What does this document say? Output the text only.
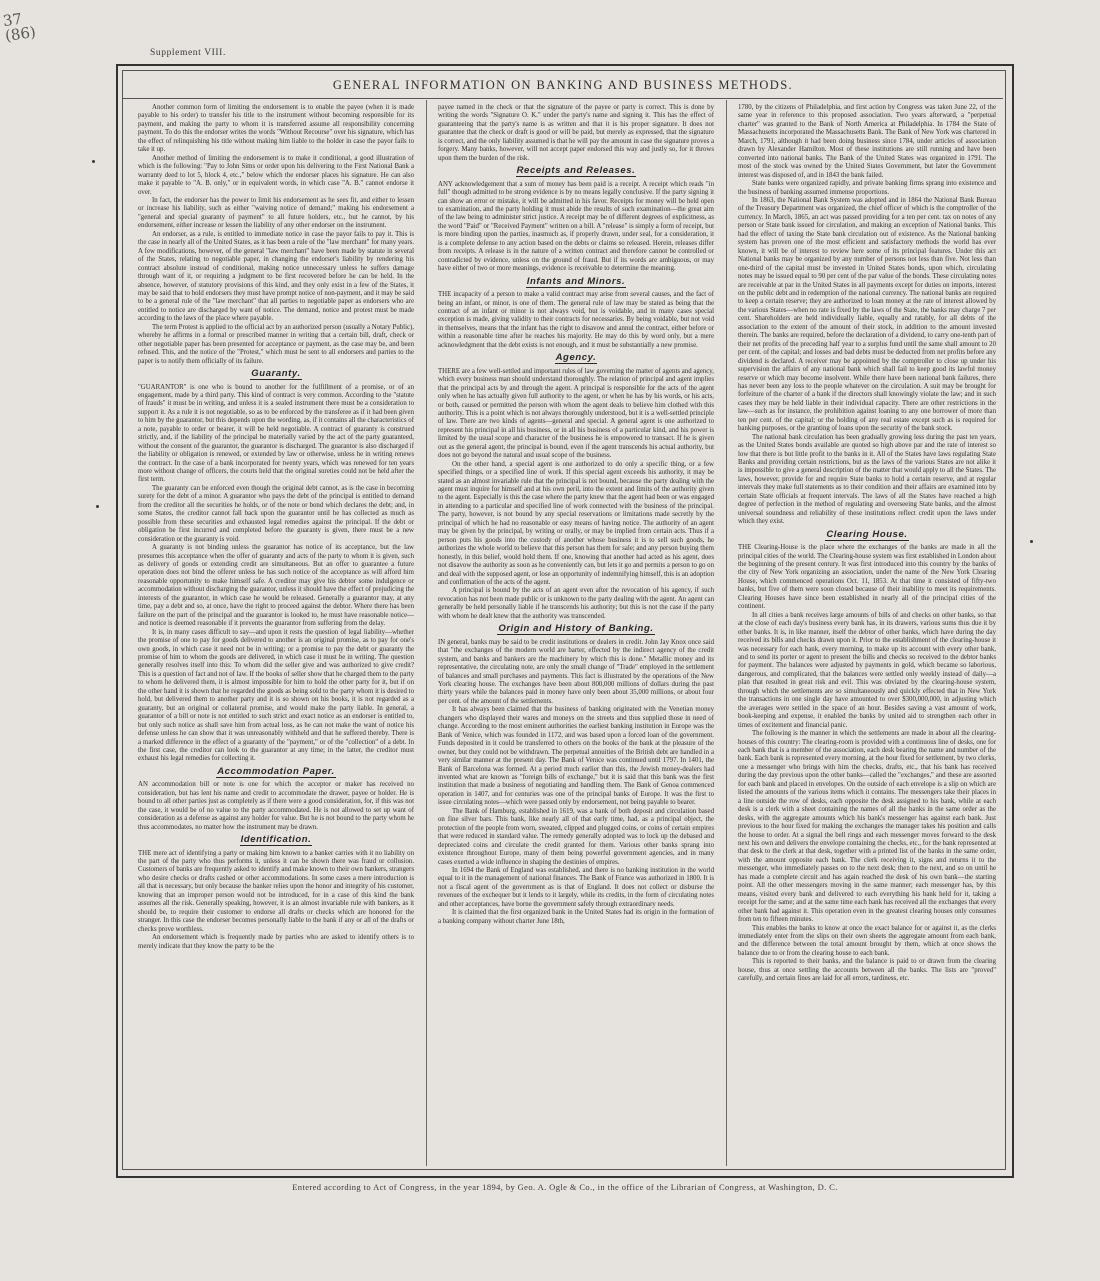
37
(86)
Supplement VIII.
GENERAL INFORMATION ON BANKING AND BUSINESS METHODS.

Another common form of limiting the endorsement is to enable the payee (when it is made payable to his order) to transfer his title to the instrument without becoming responsible for its payment, and making the party to whom it is transferred assume all responsibility concerning payment. To do this the endorser writes the words "Without Recourse" over his signature, which has the effect of relinquishing his title without making him liable to the holder in case the payor fails to take it up.

Another method of limiting the endorsement is to make it conditional, a good illustration of which is the following: "Pay to John Sims or order upon his delivering to the First National Bank a warranty deed to lot 5, block 4, etc.," below which the endorser places his signature. He can also make it payable to "A. B. only," or in equivalent words, in which case "A. B." cannot endorse it over.

In fact, the endorser has the power to limit his endorsement as he sees fit, and either to lessen or increase his liability, such as either "waiving notice of demand;" making his endorsement a "general and special guaranty of payment" to all future holders, etc., but he cannot, by his endorsement, either increase or lessen the liability of any other endorser on the instrument.

An endorser, as a rule, is entitled to immediate notice in case the payor fails to pay it. This is the case in nearly all of the United States, as it has been a rule of the "law merchant" for many years. A few modifications, however, of the general "law merchant" have been made by statute in several of the States, relating to negotiable paper, in changing the endorser's liability by rendering his contract absolute instead of conditional, making notice unnecessary unless he suffers damage through want of it, or requiring a judgment to be first recovered before he can be held. In the absence, however, of statutory provisions of this kind, and they only exist in a few of the States, it may be said that to hold endorsers they must have prompt notice of non-payment, and it may be said to be a general rule of the "law merchant" that all parties to negotiable paper as endorsers who are entitled to notice are discharged by want of notice. The demand, notice and protest must be made according to the laws of the place where payable.

The term Protest is applied to the official act by an authorized person (usually a Notary Public), whereby he affirms in a formal or prescribed manner in writing that a certain bill, draft, check or other negotiable paper has been presented for acceptance or payment, as the case may be, and been refused. This, and the notice of the "Protest," which must be sent to all endorsers and parties to the paper is to notify them officially of its failure.

Guaranty.

"GUARANTOR" is one who is bound to another for the fulfillment of a promise, or of an engagement, made by a third party. This kind of contract is very common. According to the "statute of frauds" it must be in writing, and unless it is a sealed instrument there must be a consideration to support it. As a rule it is not negotiable, so as to be enforced by the transferee as if it had been given to him by the guarantor, but this depends upon the wording, as, if it contains all the characteristics of a note, payable to order or bearer, it will be held negotiable. A contract of guaranty is construed strictly, and, if the liability of the principal be materially varied by the act of the party guaranteed, without the consent of the guarantor, the guarantor is discharged. The guarantor is also discharged if the liability or obligation is renewed, or extended by law or otherwise, unless he in writing renews the contract. In the case of a bank incorporated for twenty years, which was renewed for ten years more without change of officers, the courts held that the original sureties could not be held after the first term.

The guaranty can be enforced even though the original debt cannot, as is the case in becoming surety for the debt of a minor. A guarantor who pays the debt of the principal is entitled to demand from the creditor all the securities he holds, or of the note or bond which declares the debt; and, in some States, the creditor cannot fall back upon the guarantor until he has collected as much as possible from these securities and exhausted legal remedies against the principal. If the debt or obligation be first incurred and completed before the guaranty is given, there must be a new consideration or the guaranty is void.

A guaranty is not binding unless the guarantor has notice of its acceptance, but the law presumes this acceptance when the offer of guaranty and acts of the party to whom it is given, such as delivery of goods or extending credit are simultaneous. But an offer to guarantee a future operation does not bind the offerer unless he has such notice of the acceptance as will afford him reasonable opportunity to make himself safe. A creditor may give his debtor some indulgence or accommodation without discharging the guarantor, unless it should have the effect of prejudicing the interests of the guarantor, in which case he would be released. Generally a guarantor may, at any time, pay a debt and so, at once, have the right to proceed against the debtor. Where there has been failure on the part of the principal and the guarantor is looked to, he must have reasonable notice—and notice is deemed reasonable if it prevents the guarantor from suffering from the delay.

It is, in many cases difficult to say—and upon it rests the question of legal liability—whether the promise of one to pay for goods delivered to another is an original promise, as to pay for one's own goods, in which case it need not be in writing; or a promise to pay the debt or guaranty the promise of him to whom the goods are delivered, in which case it must be in writing. The question generally resolves itself into this: To whom did the seller give and was authorized to give credit? This is a question of fact and not of law. If the books of seller show that he charged them to the party to whom he delivered them, it is almost impossible for him to hold the other party for it, but if on the other hand it is shown that he regarded the goods as being sold to the party whom it is desired to hold, but delivered them to another party and it is so shown on his books, it is not regarded as a guaranty, but an original or collateral promise, and would make the party liable. In general, a guarantor of a bill or note is not entitled to such strict and exact notice as an endorser is entitled to, but only such notice as shall save him from actual loss, as he can not make the want of notice his defense unless he can show that it was unreasonably withheld and that he suffered thereby. There is a marked difference in the effect of a guaranty of the "payment," or of the "collection" of a debt. In the first case, the creditor can look to the guarantor at any time; in the latter, the creditor must exhaust his legal remedies for collecting it.

Accommodation Paper.

AN accommodation bill or note is one for which the acceptor or maker has received no consideration, but has lent his name and credit to accommodate the drawer, payee or holder. He is bound to all other parties just as completely as if there were a good consideration, for, if this was not the case, it would be of no value to the party accommodated. He is not allowed to set up want of consideration as a defense as against any holder for value. But he is not bound to the party whom he thus accommodates, no matter how the instrument may be drawn.

Identification.

THE mere act of identifying a party or making him known to a banker carries with it no liability on the part of the party who thus performs it, unless it can be shown there was fraud or collusion. Customers of banks are frequently asked to identify and make known to their own bankers, strangers who desire checks or drafts cashed or other accommodations. In some cases a mere introduction is all that is necessary, but only because the banker relies upon the honor and integrity of his customer, knowing that an improper person would not be introduced, for in a case of this kind the bank assumes all the risk. Generally speaking, however, it is an almost invariable rule with bankers, as it should be, to require their customer to endorse all drafts or checks which are honored for the stranger. In this case the endorser becomes personally liable to the bank if any or all of the drafts or checks prove worthless.

An endorsement which is frequently made by parties who are asked to identify others is to merely indicate that they know the party to be the

payee named in the check or that the signature of the payee or party is correct. This is done by writing the words "Signature O. K." under the party's name and signing it. This has the effect of guaranteeing that the party's name is as written and that it is his proper signature. It does not guarantee that the check or draft is good or will be paid, but merely as expressed, that the signature is correct, and the only liability assumed is that he will pay the amount in case the signature proves a forgery. Many banks, however, will not accept paper endorsed this way and justly so, for it throws upon them the burden of the risk.

Receipts and Releases.

ANY acknowledgement that a sum of money has been paid is a receipt. A receipt which reads "in full" though admitted to be strong evidence is by no means legally conclusive. If the party signing it can show an error or mistake, it will be admitted in his favor. Receipts for money will be held open to examination, and the party holding it must abide the results of such examination—the great aim of the law being to administer strict justice. A receipt may be of different degrees of explicitness, as the word "Paid" or "Received Payment" written on a bill. A "release" is simply a form of receipt, but is more binding upon the parties, inasmuch as, if properly drawn, under seal, for a consideration, it is a complete defense to any action based on the debts or claims so released. Herein, releases differ from receipts. A release is in the nature of a written contract and therefore cannot be controlled or contradicted by evidence, unless on the ground of fraud. But if its words are ambiguous, or may have either of two or more meanings, evidence is receivable to determine the meaning.

Infants and Minors.

THE incapacity of a person to make a valid contract may arise from several causes, and the fact of being an infant, or minor, is one of them. The general rule of law may be stated as being that the contract of an infant or minor is not always void, but is voidable, and in many cases special exception is made, giving validity to their contracts for necessaries. By being voidable, but not void in themselves, means that the infant has the right to disavow and annul the contract, either before or within a reasonable time after he reaches his majority. He may do this by word only, but a mere acknowledgment that the debt exists is not enough, and it must be substantially a new promise.

Agency.

THERE are a few well-settled and important rules of law governing the matter of agents and agency, which every business man should understand thoroughly. The relation of principal and agent implies that the principal acts by and through the agent. A principal is responsible for the acts of the agent only when he has actually given full authority to the agent, or when he has by his words, or his acts, or both, caused or permitted the person with whom the agent deals to believe him clothed with this authority. This is a point which is not always thoroughly understood, but it is a well-settled principle of law. There are two kinds of agents—general and special. A general agent is one authorized to represent his principal in all his business, or in all his business of a particular kind, and his power is limited by the usual scope and character of the business he is empowered to transact. If he is given out as the general agent, the principal is bound, even if the agent transcends his actual authority, but does not go beyond the natural and usual scope of the business.

On the other hand, a special agent is one authorized to do only a specific thing, or a few specified things, or a specified line of work. If this special agent exceeds his authority, it may be stated as an almost invariable rule that the principal is not bound, because the party dealing with the agent must inquire for himself and at his own peril, into the extent and limits of the authority given to the agent. Especially is this the case where the party knew that the agent had been or was engaged in attending to a particular and specified line of work connected with the business of the principal. The party, however, is not bound by any special reservations or limitations made secretly by the principal of which he had no reasonable or easy means of having notice. The authority of an agent may be given by the principal, by writing or orally, or may be implied from certain acts. Thus if a person puts his goods into the custody of another whose business it is to sell such goods, he authorizes the whole world to believe that this person has them for sale; and any person buying them honestly, in this belief, would hold them. If one, knowing that another had acted as his agent, does not disavow the authority as soon as he conveniently can, but lets it go and permits a person to go on and deal with the supposed agent, or lose an opportunity of indemnifying himself, this is an adoption and confirmation of the acts of the agent.

A principal is bound by the acts of an agent even after the revocation of his agency, if such revocation has not been made public or is unknown to the party dealing with the agent. An agent can generally be held personally liable if he transcends his authority; but this is not the case if the party with whom he dealt knew that the authority was transcended.

Origin and History of Banking.

IN general, banks may be said to be credit institutions or dealers in credit. John Jay Knox once said that "the exchanges of the modern world are barter, effected by the indirect agency of the credit system, and banks and bankers are the machinery by which this is done." Metallic money and its representative, the circulating note, are only the small change of "Trade" employed in the settlement of balances and small purchases and payments. This fact is illustrated by the operations of the New York clearing house. The exchanges have been about 800,000 millions of dollars during the past thirty years while the balances paid in money have only been about 35,000 millions, or about four per cent. of the amount of the settlements.

It has always been claimed that the business of banking originated with the Venetian money changers who displayed their wares and moneys on the streets and thus supplied those in need of change. According to the most eminent authorities the earliest banking institution in Europe was the Bank of Venice, which was founded in 1172, and was based upon a forced loan of the government. Funds deposited in it could be transferred to others on the books of the bank at the pleasure of the owner, but they could not be withdrawn. The perpetual annuities of the British debt are handled in a very similar manner at the present day. The Bank of Venice was continued until 1797. In 1401, the Bank of Barcelona was formed. At a period much earlier than this, the Jewish money-dealers had invented what are known as "foreign bills of exchange," but it is said that this bank was the first institution that made a business of negotiating and handling them. The Bank of Genoa commenced operation in 1407, and for centuries was one of the principal banks of Europe. It was the first to issue circulating notes—which were passed only by endorsement, not being payable to bearer.

The Bank of Hamburg, established in 1619, was a bank of both deposit and circulation based on fine silver bars. This bank, like nearly all of that early time, had, as a principal object, the protection of the people from worn, sweated, clipped and plugged coins, or coins of certain empires that were reduced in standard value. The remedy generally adopted was to lock up the debased and depreciated coins and circulate the credit granted for them. Various other banks sprang into existence throughout Europe, many of them being powerful government agencies, and in many cases exerted a wide influence in shaping the destinies of empires.

In 1694 the Bank of England was established, and there is no banking institution in the world equal to it in the management of national finances. The Bank of France was authorized in 1800. It is not a fiscal agent of the government as is that of England. It does not collect or disburse the revenues of the exchequer but it lends to it largely, while its credits, in the form of circulating notes and other acceptances, have borne the government safely through extraordinary needs.

It is claimed that the first organized bank in the United States had its origin in the formation of a banking company without charter June 18th,

1780, by the citizens of Philadelphia, and first action by Congress was taken June 22, of the same year in reference to this proposed association. Two years afterward, a "perpetual charter" was granted to the Bank of North America at Philadelphia. In 1784 the State of Massachusetts incorporated the Massachusetts Bank. The Bank of New York was chartered in March, 1791, although it had been doing business since 1784, under articles of association drawn by Alexander Hamilton. Most of these institutions are still running and have been converted into national banks. The Bank of the United States was organized in 1791. The most of the stock was owned by the United States Government, but later the Government interest was disposed of, and in 1843 the bank failed.

State banks were organized rapidly, and private banking firms sprang into existence and the business of banking assumed immense proportions.

In 1863, the National Bank System was adopted and in 1864 the National Bank Bureau of the Treasury Department was organized, the chief officer of which is the comptroller of the currency. In March, 1865, an act was passed providing for a ten per cent. tax on notes of any person or State bank issued for circulation, and making an exception of National banks. This had the effect of taxing the State bank circulation out of existence. As the National banking system has proven one of the most efficient and satisfactory methods the world has ever known, it will be of interest to review here some of its principal features. Under this act National banks may be organized by any number of persons not less than five. Not less than one-third of the capital must be invested in United States bonds, upon which, circulating notes may be issued equal to 90 per cent of the par value of the bonds. These circulating notes are receivable at par in the United States in all payments except for duties on imports, interest on the public debt and in redemption of the national currency. The national banks are required to keep a certain reserve; they are authorized to loan money at the rate of interest allowed by the various States—when no rate is fixed by the laws of the State, the banks may charge 7 per cent. Shareholders are held individually liable, equally and ratably, for all debts of the association to the extent of the amount of their stock, in addition to the amount invested therein. The banks are required, before the declaration of a dividend, to carry one-tenth part of their net profits of the preceding half year to a surplus fund until the same shall amount to 20 per cent. of the capital; and losses and bad debts must be deducted from net profits before any dividend is declared. A receiver may be appointed by the comptroller to close up under his supervision the affairs of any national bank which shall fail to keep good its lawful money reserve or which may become insolvent. While there have been national bank failures, there has never been any loss to the people whatever on the circulation. A suit may be brought for forfeiture of the charter of a bank if the directors shall knowingly violate the law; and in such cases they may be held liable in their individual capacity. There are other restrictions in the law—such as for instance, the prohibition against loaning to any one borrower of more than ten per cent. of the capital; or the holding of any real estate except such as is required for banking purposes, or the granting of loans upon the security of the bank stock.

The national bank circulation has been gradually growing less during the past ten years, as the United States bonds available are quoted so high above par and the rate of interest so low that there is but little profit to the banks in it. All of the States have laws regulating State Banks and providing certain restrictions, but as the laws of the various States are not alike it is impossible to give a general description of the matter that would apply to all the States. The laws, however, provide for and require State banks to hold a certain reserve, and at regular intervals they make full statements as to their condition and their affairs are examined into by certain State officials at frequent intervals. The laws of all the States have reached a high degree of perfection in the method of regulating and overseeing State banks, and the almost universal soundness and reliability of these institutions reflect credit upon the laws under which they exist.

Clearing House.

THE Clearing-House is the place where the exchanges of the banks are made in all the principal cities of the world. The Clearing-house system was first established in London about the beginning of the present century. It was first introduced into this country by the banks of the city of New York organizing an association, under the name of the New York Clearing House, which commenced operations Oct. 11, 1853. At that time it consisted of fifty-two banks, but five of them were soon closed because of their inability to meet its requirements. Clearing Houses have since been established in nearly all of the principal cities of the continent.

In all cities a bank receives large amounts of bills of and checks on other banks, so that at the close of each day's business every bank has, in its drawers, various sums thus due it by other banks. It is, in like manner, itself the debtor of other banks, which have during the day received its bills and checks drawn upon it. Prior to the establishment of the clearing-house it was necessary for each bank, every morning, to make up its account with every other bank, and to send its porter or agent to present the bills and checks so received to the debtor banks for payment. The balances were adjusted by payments in gold, which became so laborious, dangerous, and complicated, that the balances were settled only weekly instead of daily—a plan that resulted in great risk and evil. This was obviated by the clearing-house system, through which the settlements are so simultaneously and quickly effected that in New York the transactions in one single day have amounted to over $300,000,000, in adjusting which the averages were settled in the space of an hour. Besides saving a vast amount of work, book-keeping and expense, it enabled the banks by united aid to strengthen each other in times of excitement and financial panic.

The following is the manner in which the settlements are made in about all the clearing-houses of this country: The clearing-room is provided with a continuous line of desks, one for each bank that is a member of the association, each desk bearing the name and number of the bank. Each bank is represented every morning, at the hour fixed for settlement, by two clerks, one a messenger who brings with him the checks, drafts, etc., that his bank has received during the day previous upon the other banks—called the "exchanges," and these are assorted for each bank and placed in envelopes. On the outside of each envelope is a slip on which are listed the amounts of the various items which it contains. The messengers take their places in a line outside the row of desks, each opposite the desk assigned to his bank, while at each desk is a clerk with a sheet containing the names of all the banks in the same order as the desks, with the aggregate amounts which his bank's messenger has against each bank. Just previous to the hour fixed for making the exchanges the manager takes his position and calls the house to order. At a signal the bell rings and each messenger moves forward to the desk next his own and delivers the envelope containing the checks, etc., for the bank represented at that desk to the clerk at that desk, together with a printed list of the banks in the same order, with the amount opposite each bank. The clerk receiving it, signs and returns it to the messenger, who immediately passes on to the next desk; then to the next, and so on until he has made a complete circuit and has again reached the desk of his own bank—the starting point. All the other messengers moving in the same manner; each messenger has, by this means, visited every bank and delivered to each everything his bank held for it, taking a receipt for the same; and at the same time each bank has received all the exchanges that every other bank had against it. This operation even in the greatest clearing houses only consumes from ten to fifteen minutes.

This enables the banks to know at once the exact balance for or against it, as the clerks immediately enter from the slips on their own sheets the aggregate amount from each bank, and the difference between the total amount brought by them, which at once shows the balance due to or from the clearing house to each bank.

This is reported to their banks, and the balance is paid to or drawn from the clearing house, thus at once settling the accounts between all the banks. The lists are "proved" carefully, and certain fines are laid for all errors, tardiness, etc.

Entered according to Act of Congress, in the year 1894, by Geo. A. Ogle & Co., in the office of the Librarian of Congress, at Washington, D. C.
